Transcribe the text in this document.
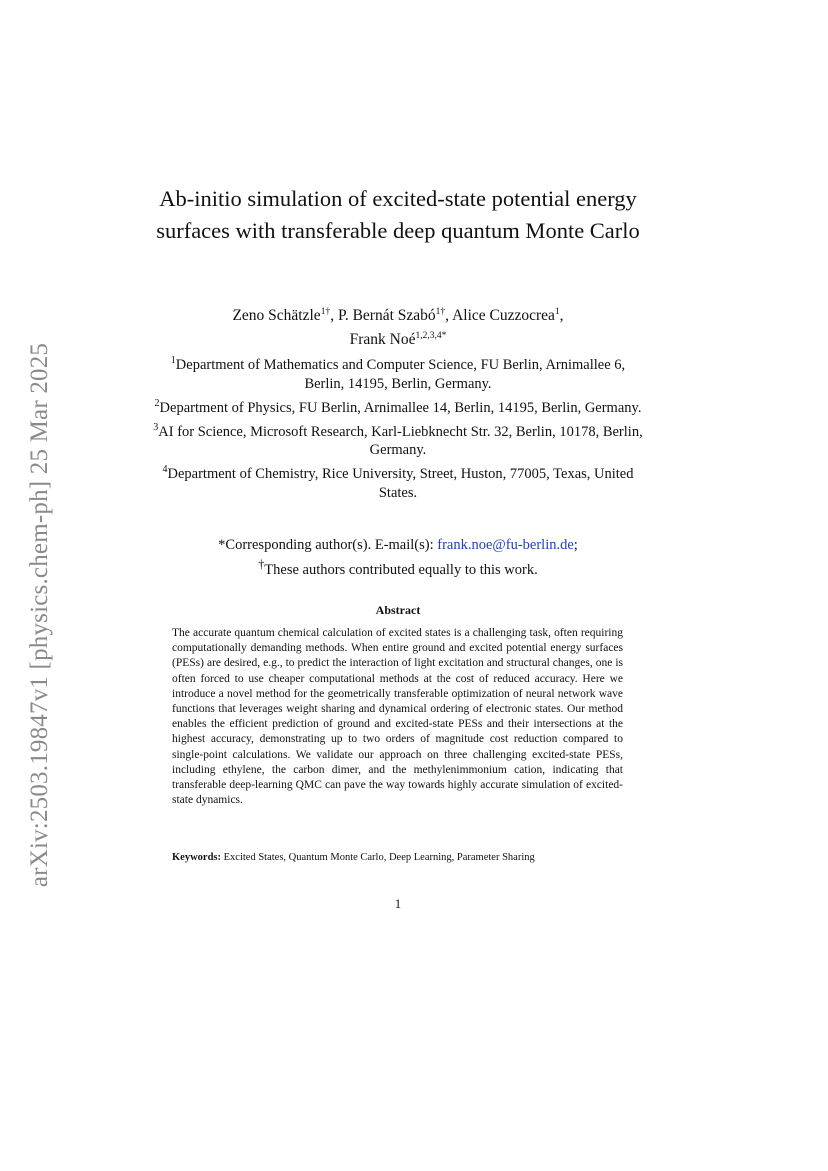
arXiv:2503.19847v1 [physics.chem-ph] 25 Mar 2025
Ab-initio simulation of excited-state potential energy surfaces with transferable deep quantum Monte Carlo
Zeno Schätzle$^{1\dagger}$, P. Bernát Szabó$^{1\dagger}$, Alice Cuzzocrea$^1$,
Frank Noé$^{1,2,3,4*}$
$^1$Department of Mathematics and Computer Science, FU Berlin, Arnimallee 6, Berlin, 14195, Berlin, Germany.
$^2$Department of Physics, FU Berlin, Arnimallee 14, Berlin, 14195, Berlin, Germany.
$^3$AI for Science, Microsoft Research, Karl-Liebknecht Str. 32, Berlin, 10178, Berlin, Germany.
$^4$Department of Chemistry, Rice University, Street, Huston, 77005, Texas, United States.
*Corresponding author(s). E-mail(s): frank.noe@fu-berlin.de;
†These authors contributed equally to this work.
Abstract

The accurate quantum chemical calculation of excited states is a challenging task, often requiring computationally demanding methods. When entire ground and excited potential energy surfaces (PESs) are desired, e.g., to predict the interaction of light excitation and structural changes, one is often forced to use cheaper computational methods at the cost of reduced accuracy. Here we introduce a novel method for the geometrically transferable optimization of neural network wave functions that leverages weight sharing and dynamical ordering of electronic states. Our method enables the efficient prediction of ground and excited-state PESs and their intersections at the highest accuracy, demonstrating up to two orders of magnitude cost reduction compared to single-point calculations. We validate our approach on three challenging excited-state PESs, including ethylene, the carbon dimer, and the methylenimmonium cation, indicating that transferable deep-learning QMC can pave the way towards highly accurate simulation of excited-state dynamics.

Keywords: Excited States, Quantum Monte Carlo, Deep Learning, Parameter Sharing
1
